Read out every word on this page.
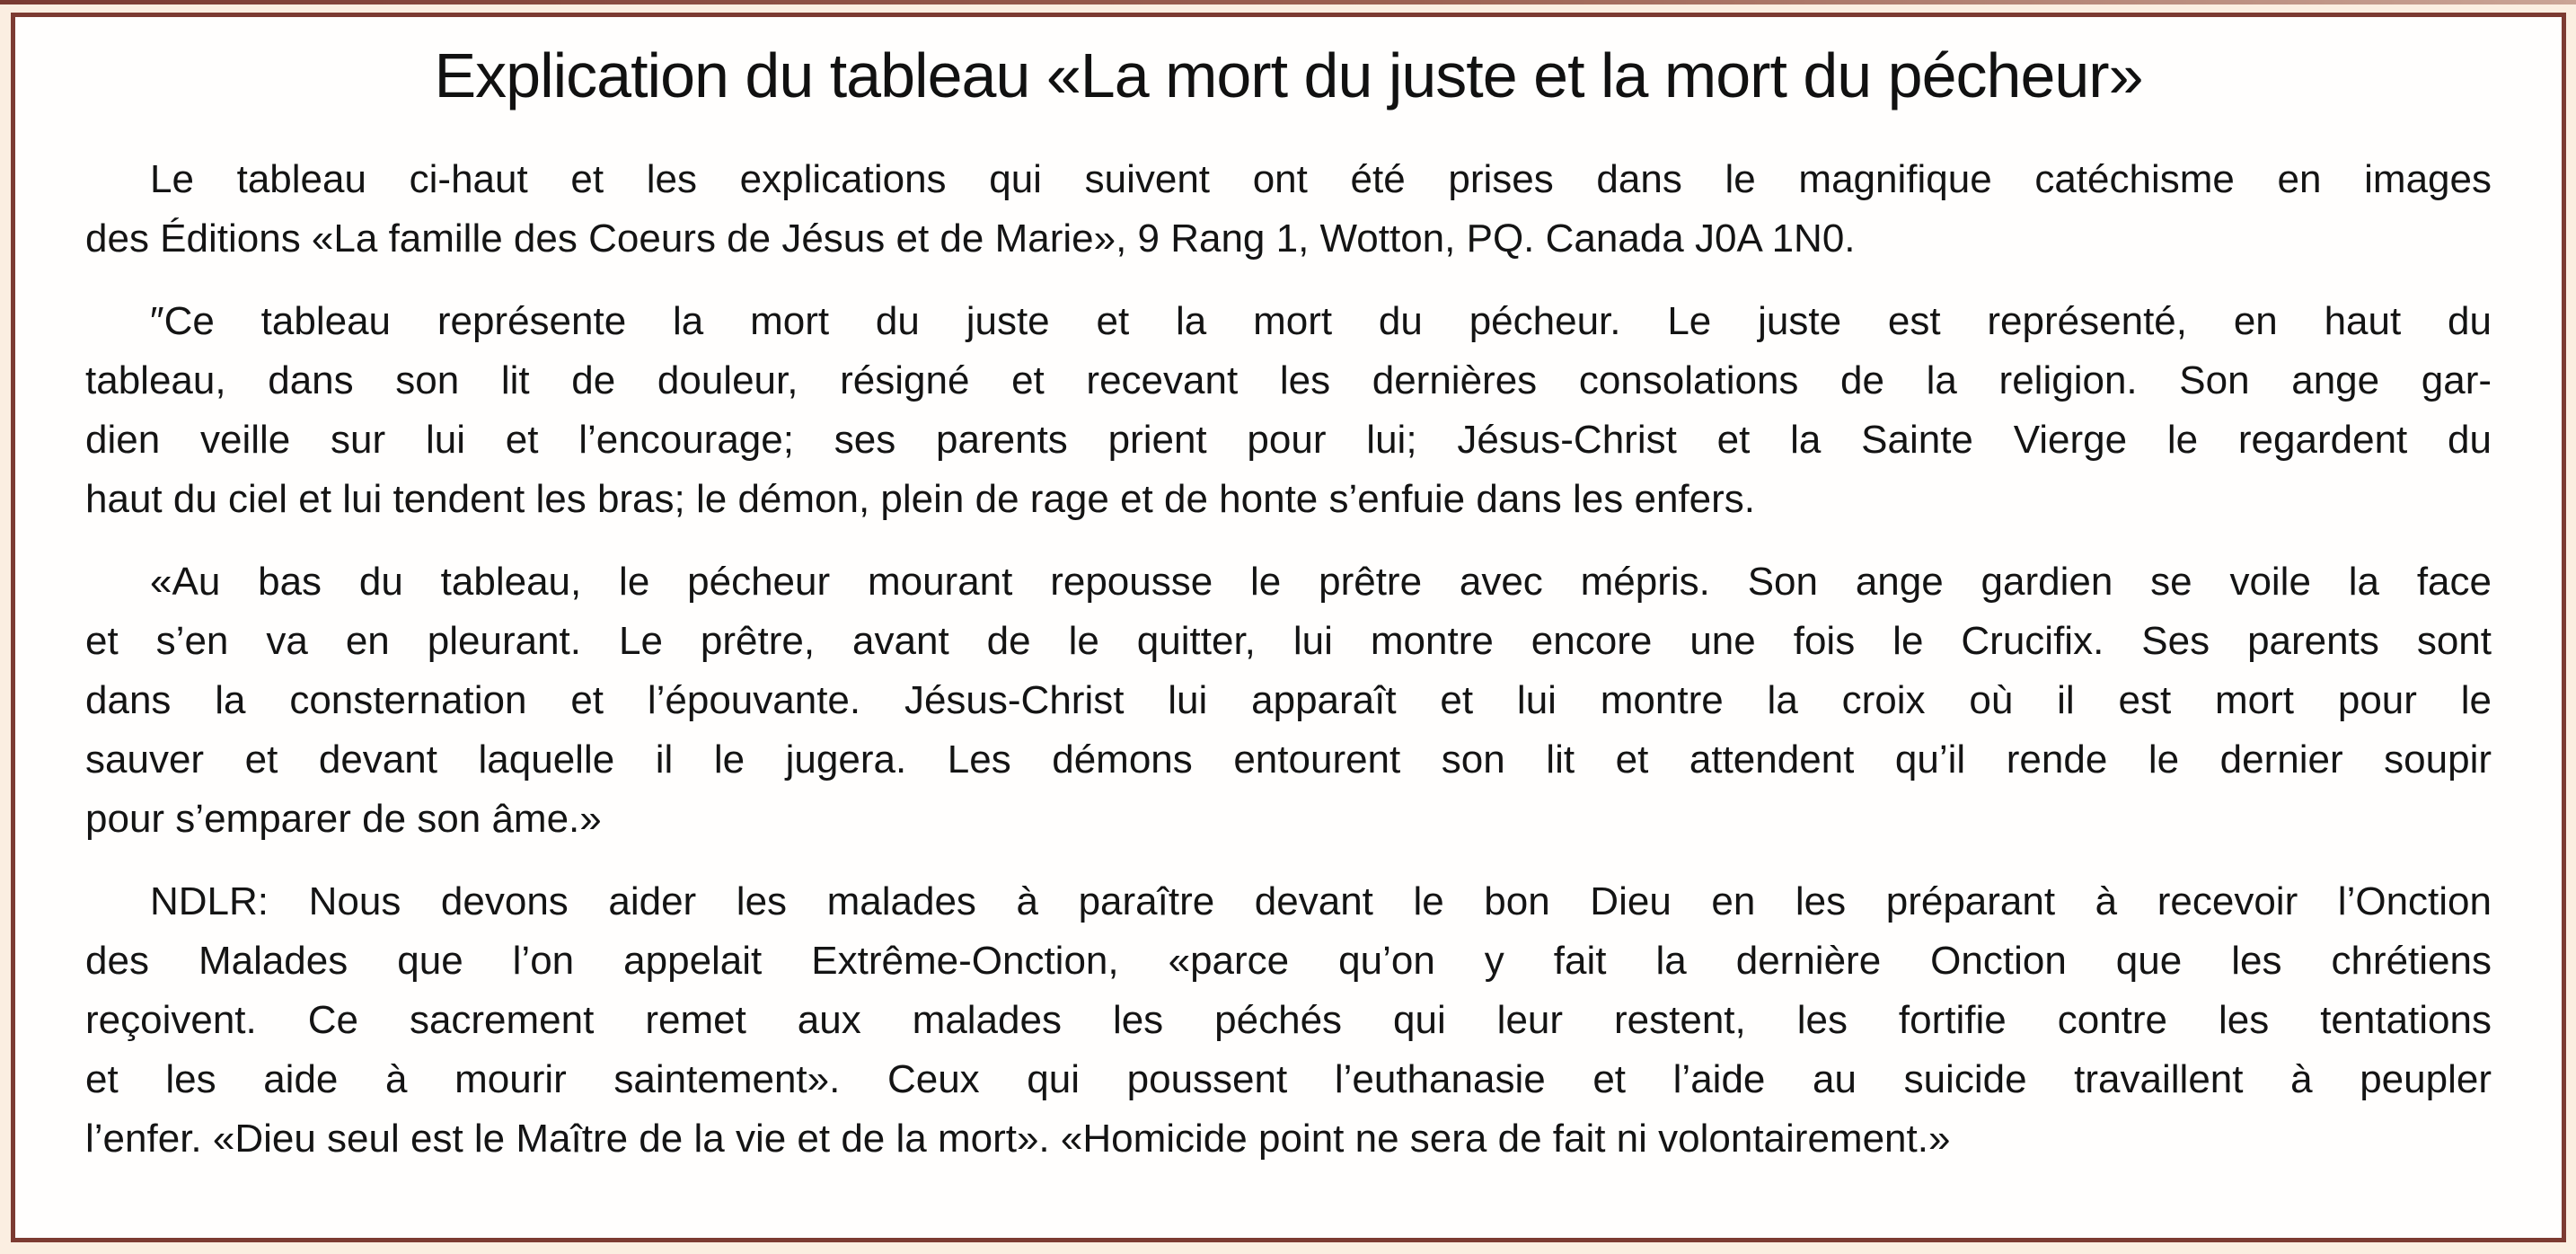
Explication du tableau «La mort du juste et la mort du pécheur»
Le tableau ci-haut et les explications qui suivent ont été prises dans le magnifique catéchisme en images
des Éditions «La famille des Coeurs de Jésus et de Marie», 9 Rang 1, Wotton, PQ. Canada J0A 1N0.
″Ce tableau représente la mort du juste et la mort du pécheur. Le juste est représenté, en haut du
tableau, dans son lit de douleur, résigné et recevant les dernières consolations de la religion. Son ange gar-
dien veille sur lui et l’encourage; ses parents prient pour lui; Jésus-Christ et la Sainte Vierge le regardent du
haut du ciel et lui tendent les bras; le démon, plein de rage et de honte s’enfuie dans les enfers.
«Au bas du tableau, le pécheur mourant repousse le prêtre avec mépris. Son ange gardien se voile la face
et s’en va en pleurant. Le prêtre, avant de le quitter, lui montre encore une fois le Crucifix. Ses parents sont
dans la consternation et l’épouvante. Jésus-Christ lui apparaît et lui montre la croix où il est mort pour le
sauver et devant laquelle il le jugera. Les démons entourent son lit et attendent qu’il rende le dernier soupir
pour s’emparer de son âme.»
NDLR: Nous devons aider les malades à paraître devant le bon Dieu en les préparant à recevoir l’Onction
des Malades que l’on appelait Extrême-Onction, «parce qu’on y fait la dernière Onction que les chrétiens
reçoivent. Ce sacrement remet aux malades les péchés qui leur restent, les fortifie contre les tentations
et les aide à mourir saintement». Ceux qui poussent l’euthanasie et l’aide au suicide travaillent à peupler
l’enfer. «Dieu seul est le Maître de la vie et de la mort». «Homicide point ne sera de fait ni volontairement.»
